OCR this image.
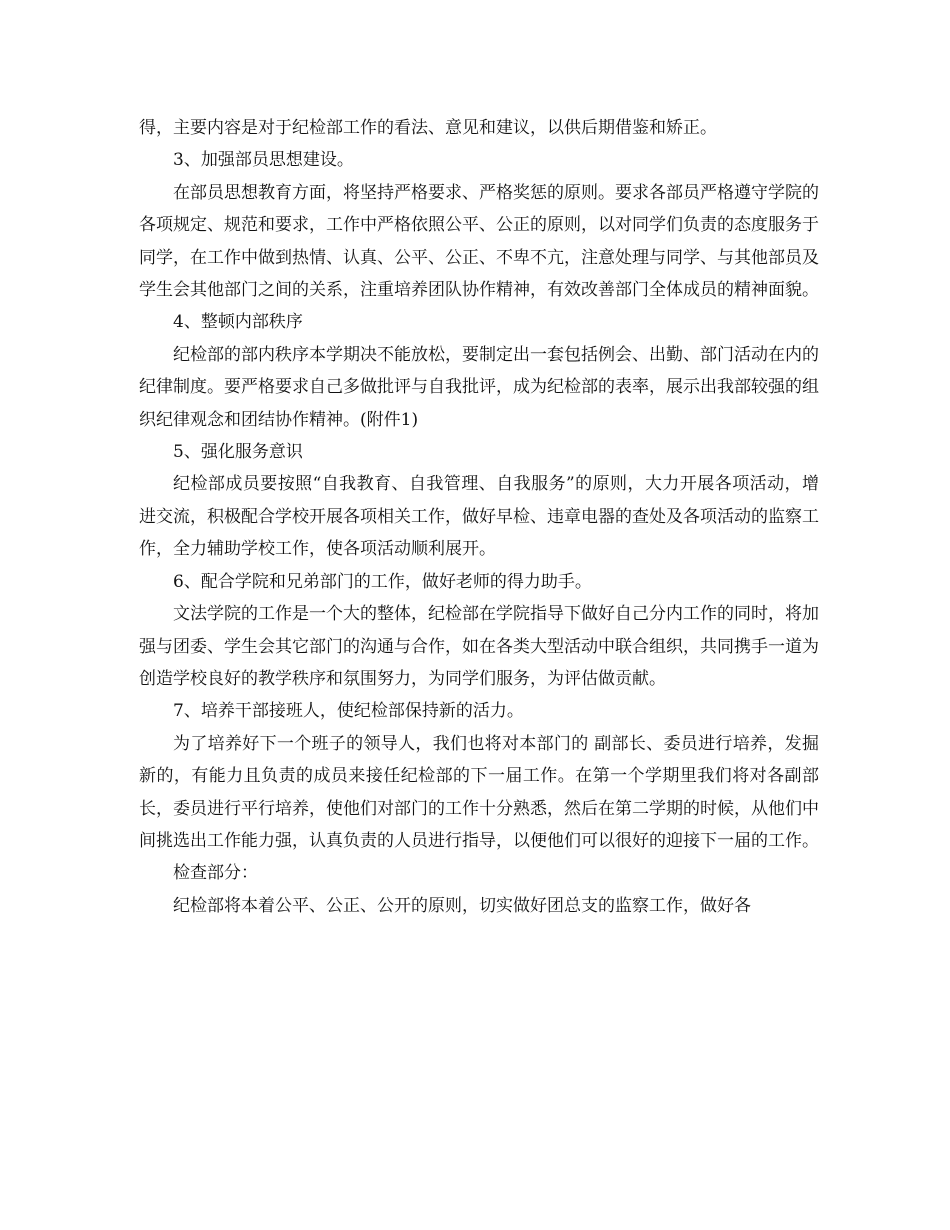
得，主要内容是对于纪检部工作的看法、意见和建议，以供后期借鉴和矫正。

3、加强部员思想建设。

在部员思想教育方面，将坚持严格要求、严格奖惩的原则。要求各部员严格遵守学院的各项规定、规范和要求，工作中严格依照公平、公正的原则，以对同学们负责的态度服务于同学，在工作中做到热情、认真、公平、公正、不卑不亢，注意处理与同学、与其他部员及学生会其他部门之间的关系，注重培养团队协作精神，有效改善部门全体成员的精神面貌。

4、整顿内部秩序

纪检部的部内秩序本学期决不能放松，要制定出一套包括例会、出勤、部门活动在内的纪律制度。要严格要求自己多做批评与自我批评，成为纪检部的表率，展示出我部较强的组织纪律观念和团结协作精神。(附件1)

5、强化服务意识

纪检部成员要按照“自我教育、自我管理、自我服务”的原则，大力开展各项活动，增进交流，积极配合学校开展各项相关工作，做好早检、违章电器的查处及各项活动的监察工作，全力辅助学校工作，使各项活动顺利展开。

6、配合学院和兄弟部门的工作，做好老师的得力助手。

文法学院的工作是一个大的整体，纪检部在学院指导下做好自己分内工作的同时，将加强与团委、学生会其它部门的沟通与合作，如在各类大型活动中联合组织，共同携手一道为创造学校良好的教学秩序和氛围努力，为同学们服务，为评估做贡献。

7、培养干部接班人，使纪检部保持新的活力。

为了培养好下一个班子的领导人，我们也将对本部门的 副部长、委员进行培养，发掘新的，有能力且负责的成员来接任纪检部的下一届工作。在第一个学期里我们将对各副部长，委员进行平行培养，使他们对部门的工作十分熟悉，然后在第二学期的时候，从他们中间挑选出工作能力强，认真负责的人员进行指导，以便他们可以很好的迎接下一届的工作。

检查部分：

纪检部将本着公平、公正、公开的原则，切实做好团总支的监察工作，做好各
